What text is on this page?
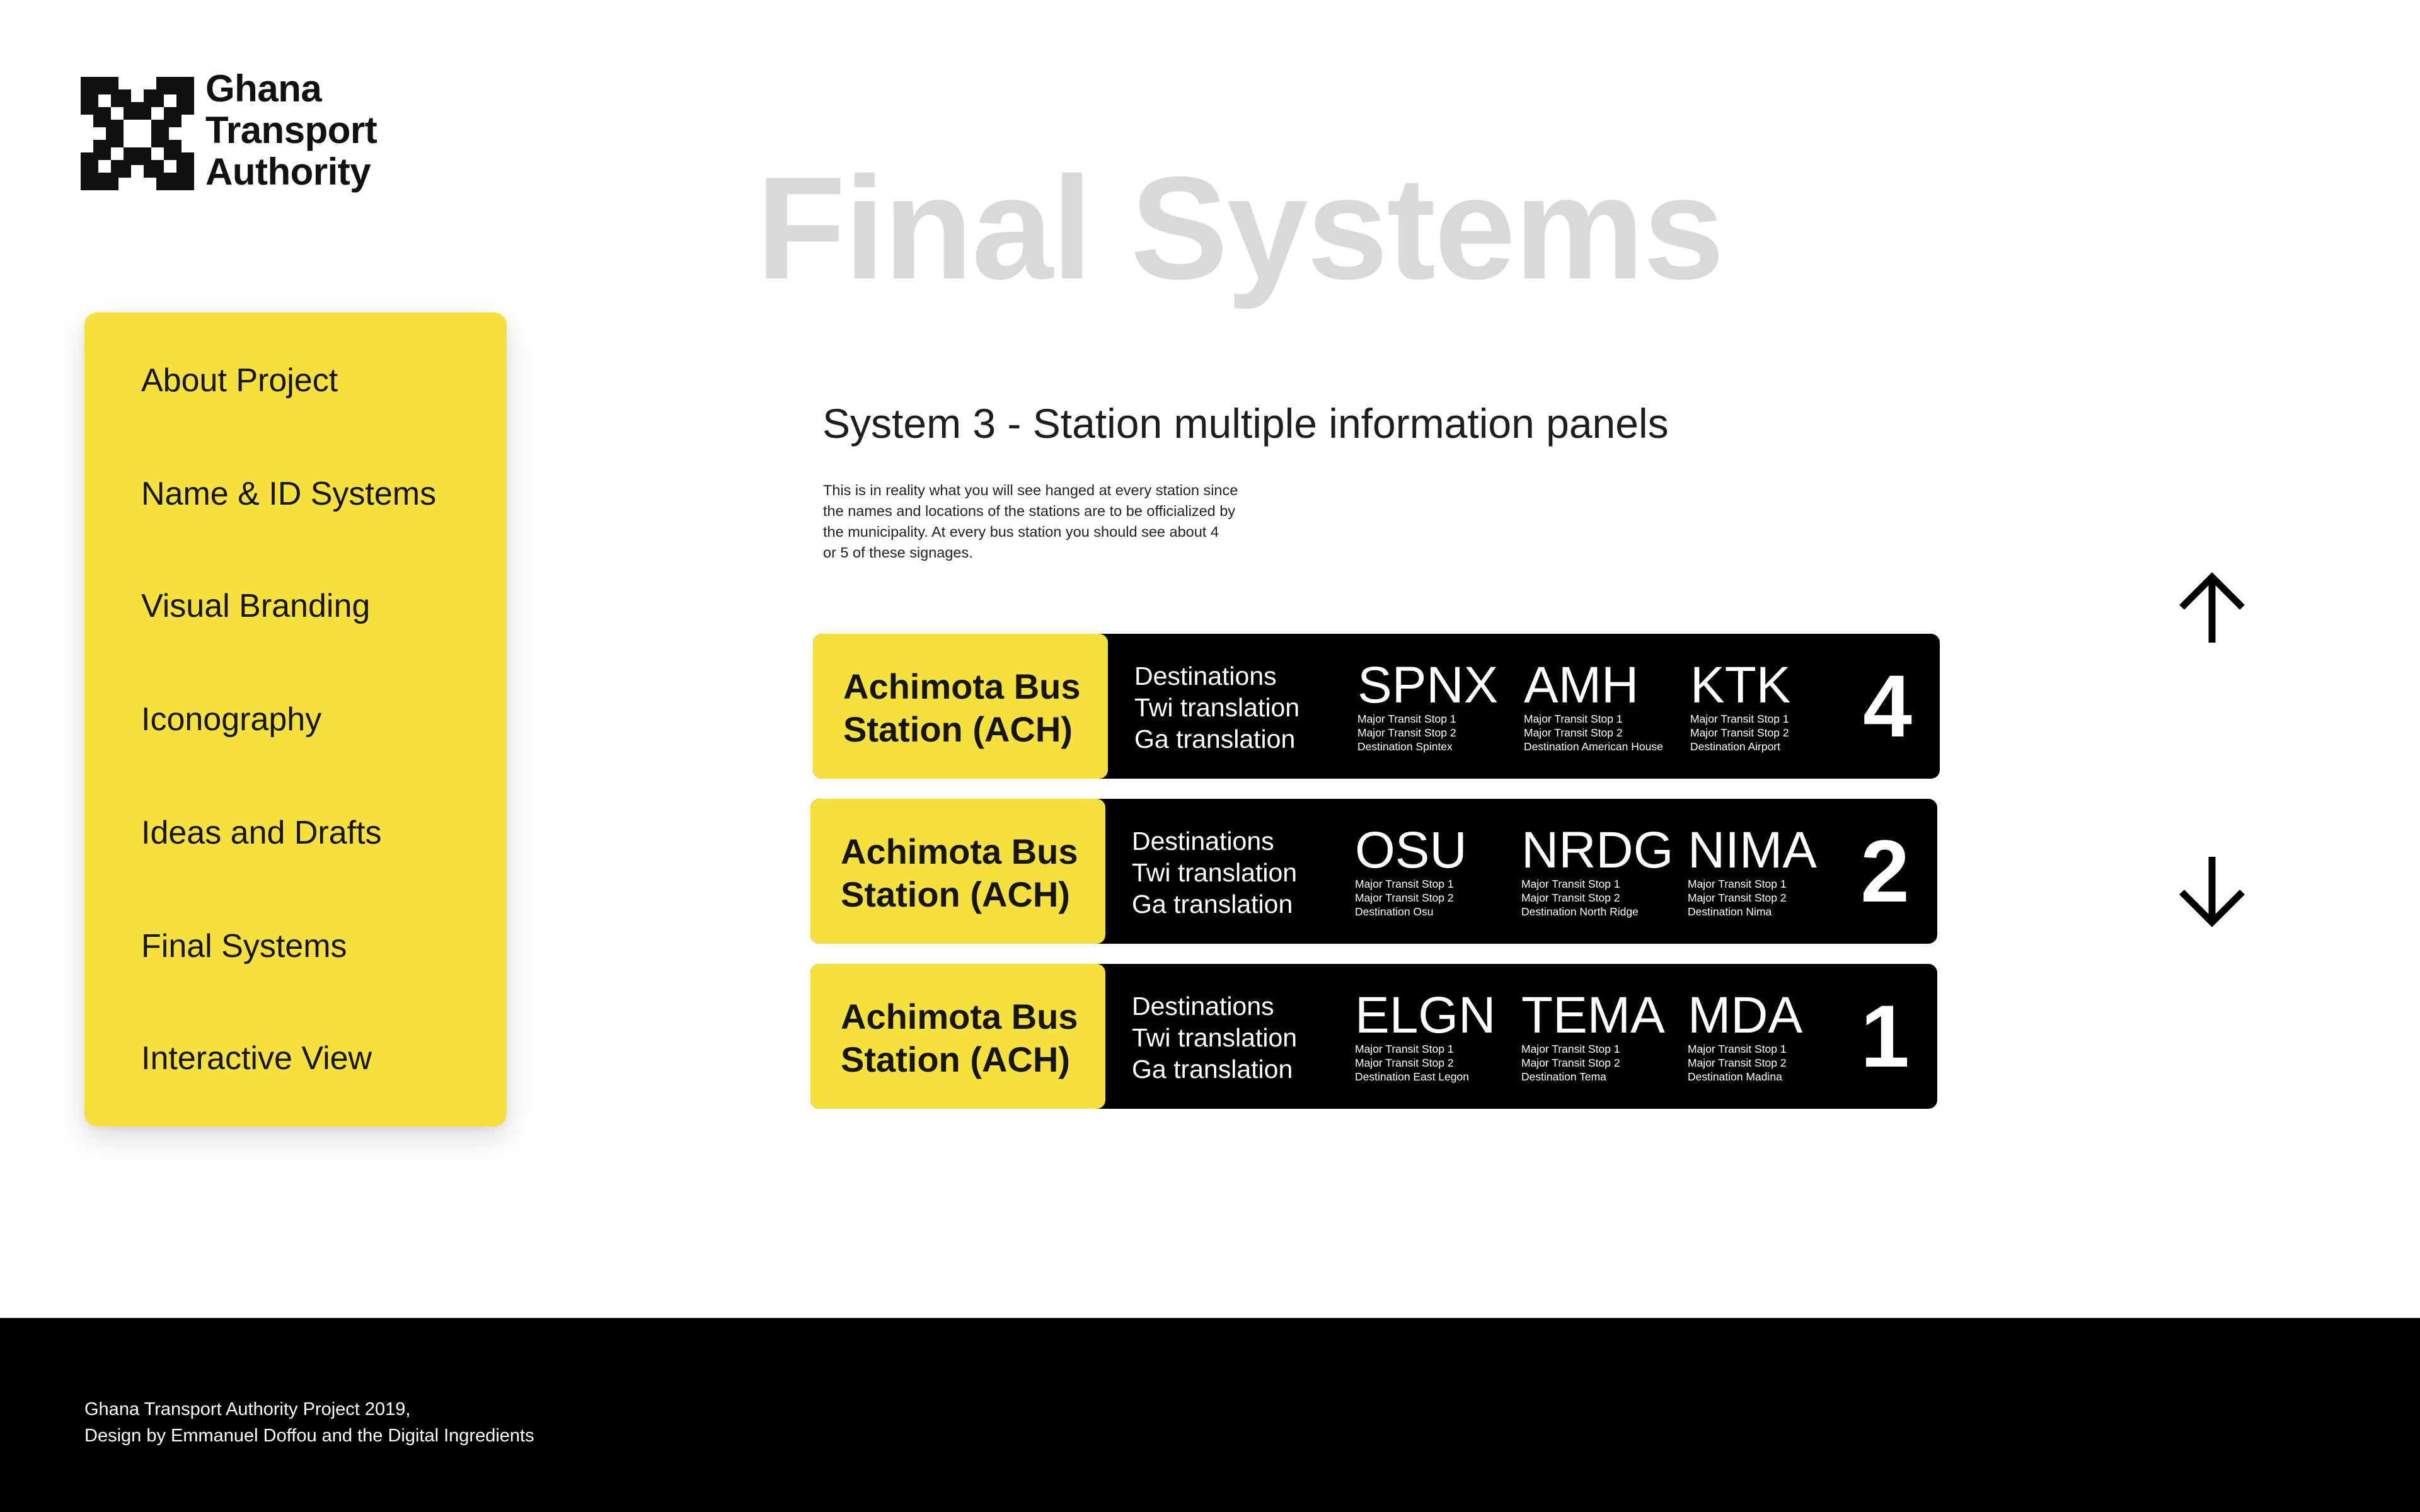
Ghana
Transport
Authority	Final Systems
About Project
Name & ID Systems
Visual Branding
Iconography
Ideas and Drafts
Final Systems
Interactive View
System 3 - Station multiple information panels

This is in reality what you will see hanged at every station since
the names and locations of the stations are to be officialized by
the municipality. At every bus station you should see about 4
or 5 of these signages.

Achimota Bus Station (ACH)
Destinations
Twi translation
Ga translation
SPNX
Major Transit Stop 1
Major Transit Stop 2
Destination Spintex
AMH
Major Transit Stop 1
Major Transit Stop 2
Destination American House
KTK
Major Transit Stop 1
Major Transit Stop 2
Destination Airport 4
Achimota Bus Station (ACH)
Destinations
Twi translation
Ga translation
OSU
Major Transit Stop 1
Major Transit Stop 2
Destination Osu
NRDG
Major Transit Stop 1
Major Transit Stop 2
Destination North Ridge
NIMA
Major Transit Stop 1
Major Transit Stop 2
Destination Nima	2
Achimota Bus Station (ACH)
Destinations
Twi translation
Ga translation
ELGN
Major Transit Stop 1
Major Transit Stop 2
Destination East Legon
TEMA
Major Transit Stop 1
Major Transit Stop 2
Destination Tema
MDA
Major Transit Stop 1
Major Transit Stop 2
Destination Madina 1
Ghana Transport Authority Project 2019,
Design by Emmanuel Doffou and the Digital Ingredients
